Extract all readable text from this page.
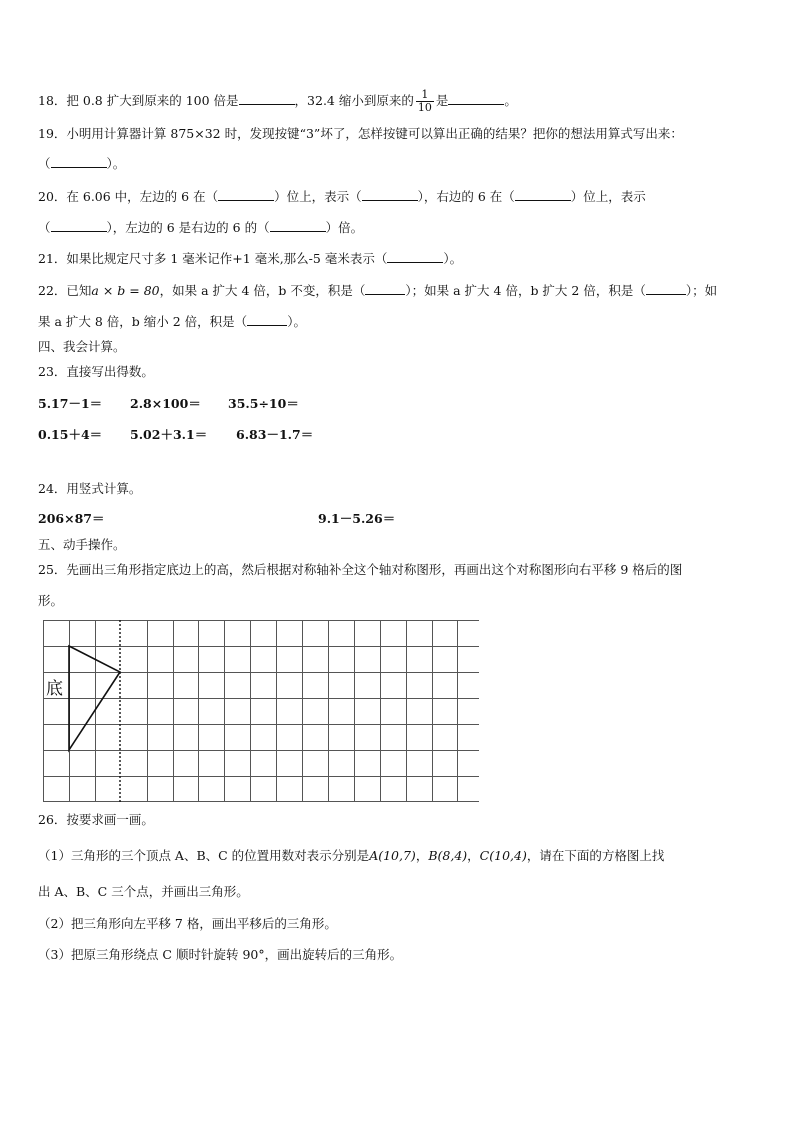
18．把 0.8 扩大到原来的 100 倍是	，32.4 缩小到原来的 $\frac{1}{10}$ 是	。
19．小明用计算器计算 875×32 时，发现按键“3”坏了，怎样按键可以算出正确的结果？把你的想法用算式写出来：
（	）。
20．在 6.06 中，左边的 6 在（	）位上，表示（	），右边的 6 在（	）位上，表示
（	），左边的 6 是右边的 6 的（	）倍。
21．如果比规定尺寸多 1 毫米记作+1 毫米,那么-5 毫米表示（	）。
22．已知a × b = 80，如果 a 扩大 4 倍，b 不变，积是（	）；如果 a 扩大 4 倍，b 扩大 2 倍，积是（	）；如
果 a 扩大 8 倍，b 缩小 2 倍，积是（	）。
四、我会计算。
23．直接写出得数。
5.17－1＝ 2.8×100＝ 35.5÷10＝
0.15＋4＝ 5.02＋3.1＝ 6.83－1.7＝
24．用竖式计算。
206×87＝	9.1－5.26＝
五、动手操作。
25．先画出三角形指定底边上的高，然后根据对称轴补全这个轴对称图形，再画出这个对称图形向右平移 9 格后的图
形。
底
26．按要求画一画。
（1）三角形的三个顶点 A、B、C 的位置用数对表示分别是A(10,7)，B(8,4)，C(10,4)，请在下面的方格图上找
出 A、B、C 三个点，并画出三角形。
（2）把三角形向左平移 7 格，画出平移后的三角形。
（3）把原三角形绕点 C 顺时针旋转 90°，画出旋转后的三角形。
